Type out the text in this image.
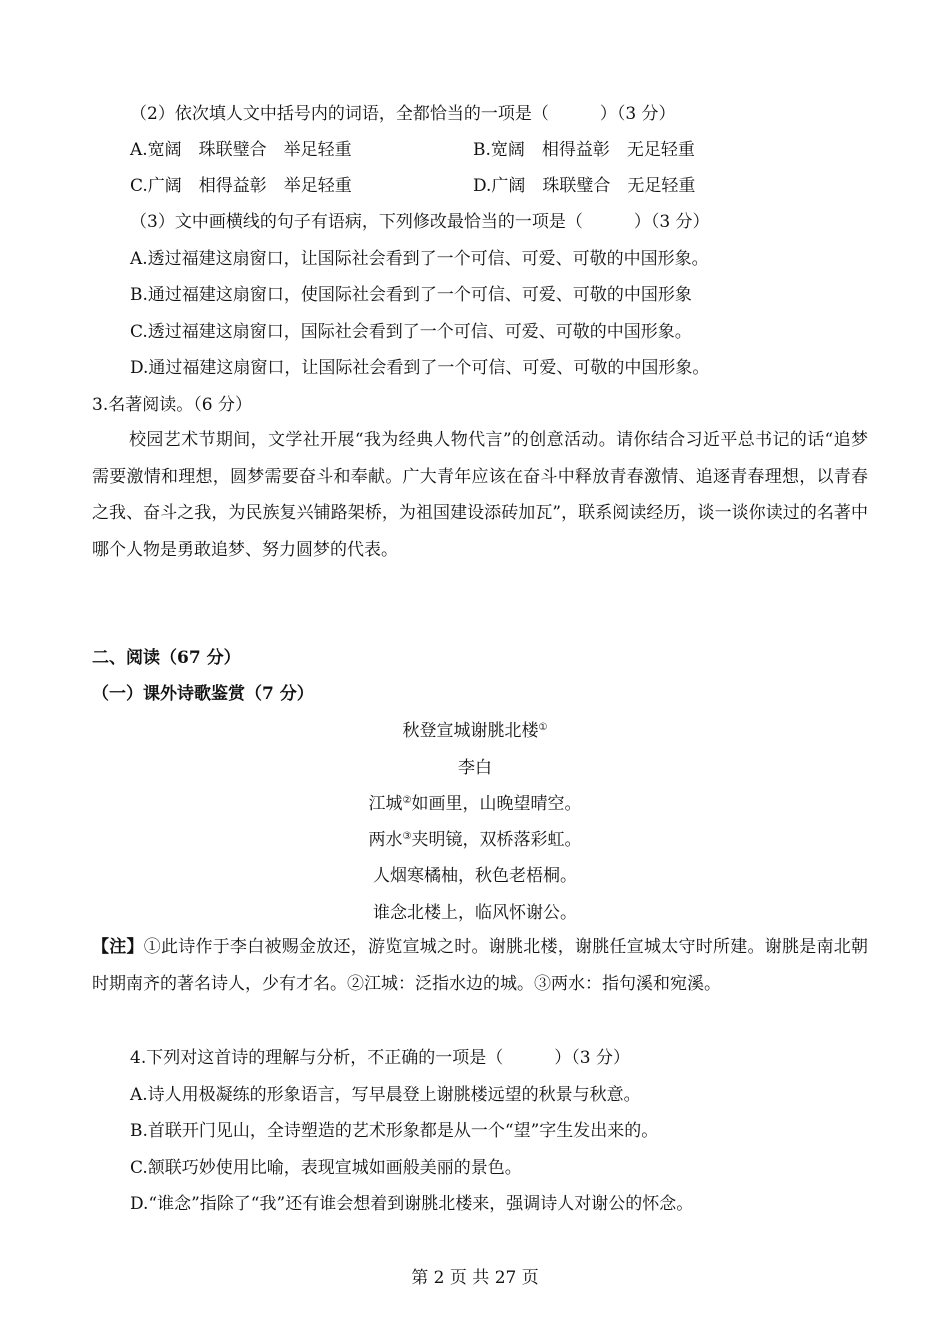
（2）依次填人文中括号内的词语，全都恰当的一项是（　　　）（3 分）
A.宽阔　珠联璧合　举足轻重	B.宽阔　相得益彰　无足轻重
C.广阔　相得益彰　举足轻重	D.广阔　珠联璧合　无足轻重
（3）文中画横线的句子有语病，下列修改最恰当的一项是（　　　）（3 分）
A.透过福建这扇窗口，让国际社会看到了一个可信、可爱、可敬的中国形象。
B.通过福建这扇窗口，使国际社会看到了一个可信、可爱、可敬的中国形象
C.透过福建这扇窗口，国际社会看到了一个可信、可爱、可敬的中国形象。
D.通过福建这扇窗口，让国际社会看到了一个可信、可爱、可敬的中国形象。
3.名著阅读。（6 分）
校园艺术节期间，文学社开展“我为经典人物代言”的创意活动。请你结合习近平总书记的话“追梦需要激情和理想，圆梦需要奋斗和奉献。广大青年应该在奋斗中释放青春激情、追逐青春理想，以青春之我、奋斗之我，为民族复兴铺路架桥，为祖国建设添砖加瓦”，联系阅读经历，谈一谈你读过的名著中哪个人物是勇敢追梦、努力圆梦的代表。
二、阅读（67 分）
（一）课外诗歌鉴赏（7 分）
秋登宣城谢朓北楼①
李白
江城②如画里，山晚望晴空。
两水③夹明镜，双桥落彩虹。
人烟寒橘柚，秋色老梧桐。
谁念北楼上，临风怀谢公。
【注】①此诗作于李白被赐金放还，游览宣城之时。谢朓北楼，谢朓任宣城太守时所建。谢朓是南北朝时期南齐的著名诗人，少有才名。②江城：泛指水边的城。③两水：指句溪和宛溪。
4.下列对这首诗的理解与分析，不正确的一项是（　　　）（3 分）
A.诗人用极凝练的形象语言，写早晨登上谢朓楼远望的秋景与秋意。
B.首联开门见山，全诗塑造的艺术形象都是从一个“望”字生发出来的。
C.颔联巧妙使用比喻，表现宣城如画般美丽的景色。
D.“谁念”指除了“我”还有谁会想着到谢朓北楼来，强调诗人对谢公的怀念。
第 2 页 共 27 页
